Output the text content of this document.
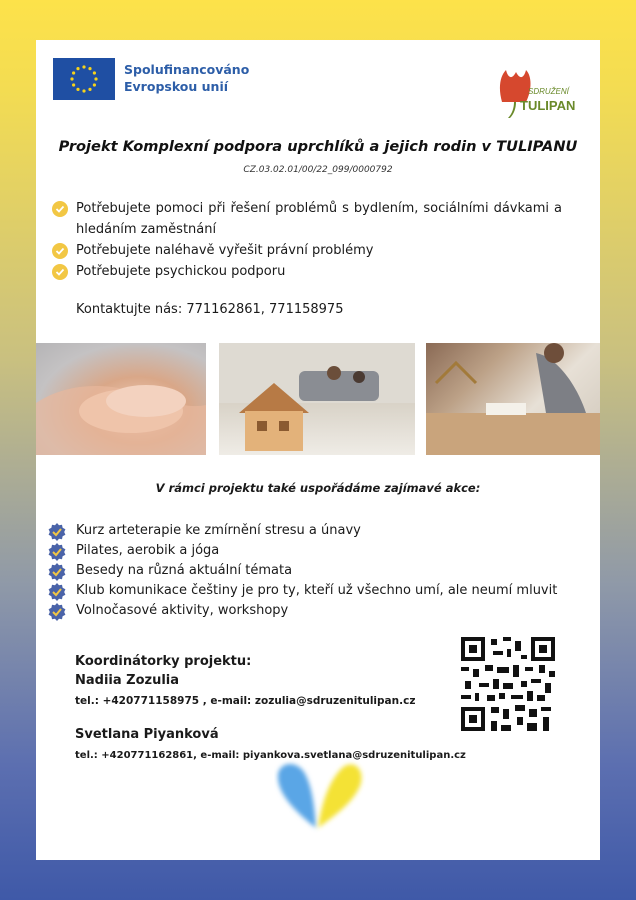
Spolufinancováno
Evropskou unií	SDRUŽENÍ
TULIPAN
Projekt Komplexní podpora uprchlíků a jejich rodin v TULIPANU
CZ.03.02.01/00/22_099/0000792
Potřebujete pomoci při řešení problémů s bydlením, sociálními dávkami a hledáním zaměstnání
Potřebujete naléhavě vyřešit právní problémy
Potřebujete psychickou podporu
Kontaktujte nás: 771162861, 771158975
V rámci projektu také uspořádáme zajímavé akce:
Kurz arteterapie ke zmírnění stresu a únavy
Pilates, aerobik a jóga
Besedy na různá aktuální témata
Klub komunikace češtiny je pro ty, kteří už všechno umí, ale neumí mluvit
Volnočasové aktivity, workshopy
Koordinátorky projektu:
Nadiia Zozulia
tel.: +420771158975 , e-mail: zozulia@sdruzenitulipan.cz
Svetlana Piyanková
tel.: +420771162861, e-mail: piyankova.svetlana@sdruzenitulipan.cz
